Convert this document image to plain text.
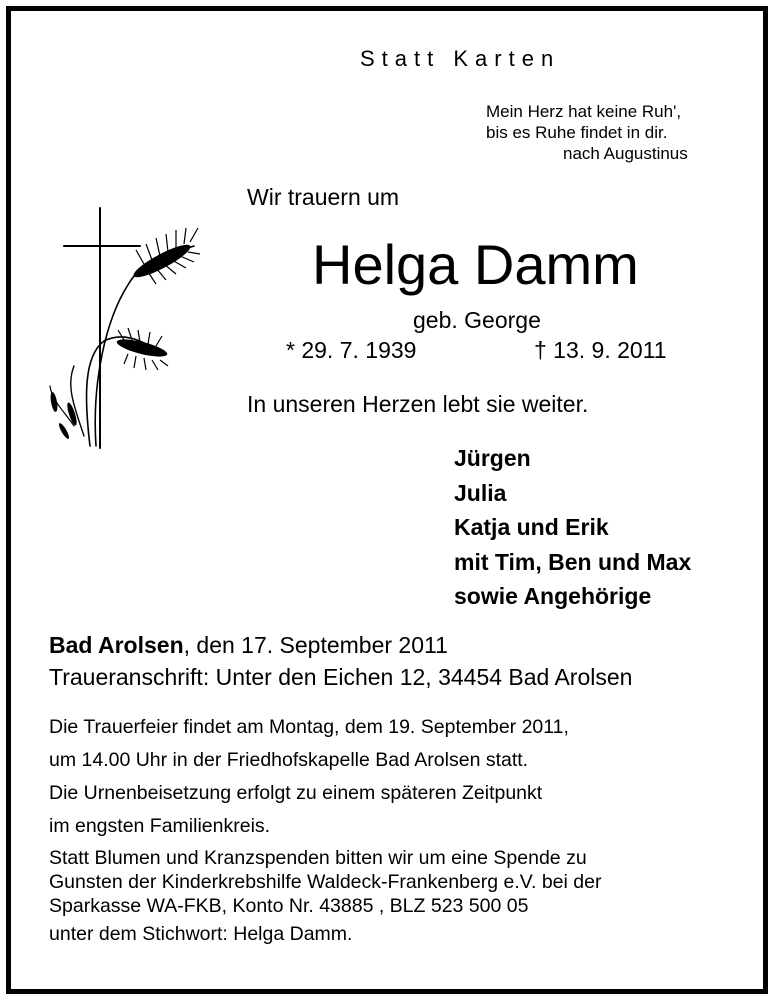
Statt Karten
Mein Herz hat keine Ruh',
bis es Ruhe findet in dir.
nach Augustinus
Wir trauern um
Helga Damm
geb. George
* 29. 7. 1939	† 13. 9. 2011
In unseren Herzen lebt sie weiter.
Jürgen
Julia
Katja und Erik
mit Tim, Ben und Max
sowie Angehörige
Bad Arolsen, den 17. September 2011
Traueranschrift: Unter den Eichen 12, 34454 Bad Arolsen
Die Trauerfeier findet am Montag, dem 19. September 2011,
um 14.00 Uhr in der Friedhofskapelle Bad Arolsen statt.
Die Urnenbeisetzung erfolgt zu einem späteren Zeitpunkt
im engsten Familienkreis.
Statt Blumen und Kranzspenden bitten wir um eine Spende zu
Gunsten der Kinderkrebshilfe Waldeck-Frankenberg e.V. bei der
Sparkasse WA-FKB, Konto Nr. 43885 , BLZ 523 500 05
unter dem Stichwort: Helga Damm.
